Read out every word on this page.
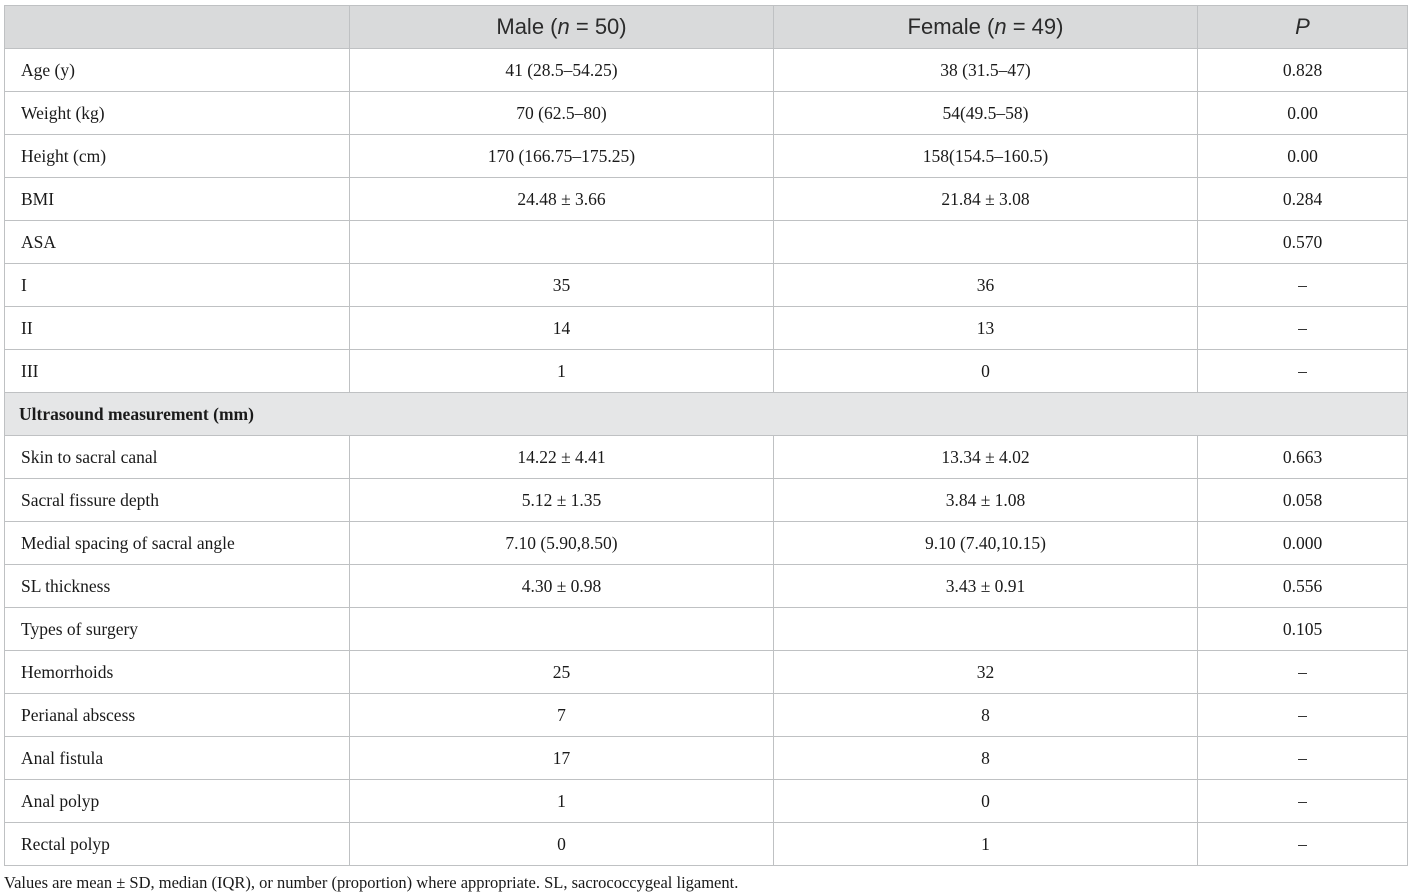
	Male (n = 50)	Female (n = 49)	P
Age (y)	41 (28.5–54.25)	38 (31.5–47)	0.828
Weight (kg)	70 (62.5–80)	54(49.5–58)	0.00
Height (cm)	170 (166.75–175.25)	158(154.5–160.5)	0.00
BMI	24.48 ± 3.66	21.84 ± 3.08	0.284
ASA			0.570
I	35	36	–
II	14	13	–
III	1	0	–
Ultrasound measurement (mm)			
Skin to sacral canal	14.22 ± 4.41	13.34 ± 4.02	0.663
Sacral fissure depth	5.12 ± 1.35	3.84 ± 1.08	0.058
Medial spacing of sacral angle	7.10 (5.90,8.50)	9.10 (7.40,10.15)	0.000
SL thickness	4.30 ± 0.98	3.43 ± 0.91	0.556
Types of surgery			0.105
Hemorrhoids	25	32	–
Perianal abscess	7	8	–
Anal fistula	17	8	–
Anal polyp	1	0	–
Rectal polyp	0	1	–
Values are mean ± SD, median (IQR), or number (proportion) where appropriate. SL, sacrococcygeal ligament.
